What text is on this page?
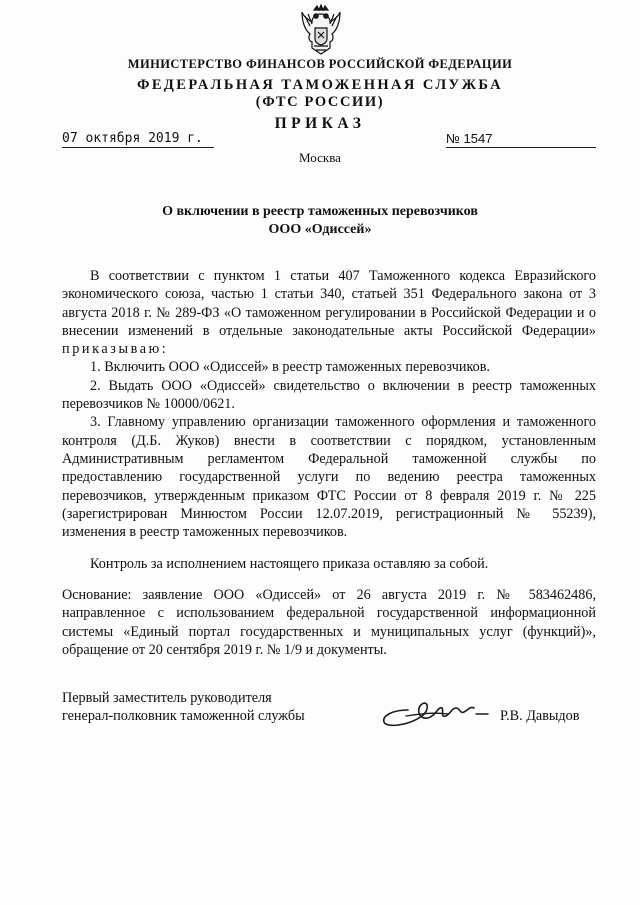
МИНИСТЕРСТВО ФИНАНСОВ РОССИЙСКОЙ ФЕДЕРАЦИИ
ФЕДЕРАЛЬНАЯ ТАМОЖЕННАЯ СЛУЖБА
(ФТС РОССИИ)
ПРИКАЗ
07 октября 2019 г.	№ 1547
Москва
О включении в реестр таможенных перевозчиков
ООО «Одиссей»

В соответствии с пунктом 1 статьи 407 Таможенного кодекса Евразийского экономического союза, частью 1 статьи 340, статьей 351 Федерального закона от 3 августа 2018 г. № 289-ФЗ «О таможенном регулировании в Российской Федерации и о внесении изменений в отдельные законодательные акты Российской Федерации» приказываю:

1. Включить ООО «Одиссей» в реестр таможенных перевозчиков.

2. Выдать ООО «Одиссей» свидетельство о включении в реестр таможенных перевозчиков № 10000/0621.

3. Главному управлению организации таможенного оформления и таможенного контроля (Д.Б. Жуков) внести в соответствии с порядком, установленным Административным регламентом Федеральной таможенной службы по предоставлению государственной услуги по ведению реестра таможенных перевозчиков, утвержденным приказом ФТС России от 8 февраля 2019 г. № 225 (зарегистрирован Минюстом России 12.07.2019, регистрационный № 55239), изменения в реестр таможенных перевозчиков.

Контроль за исполнением настоящего приказа оставляю за собой.

Основание: заявление ООО «Одиссей» от 26 августа 2019 г. № 583462486, направленное с использованием федеральной государственной информационной системы «Единый портал государственных и муниципальных услуг (функций)», обращение от 20 сентября 2019 г. № 1/9 и документы.

Первый заместитель руководителя
генерал-полковник таможенной службы	Р.В. Давыдов
